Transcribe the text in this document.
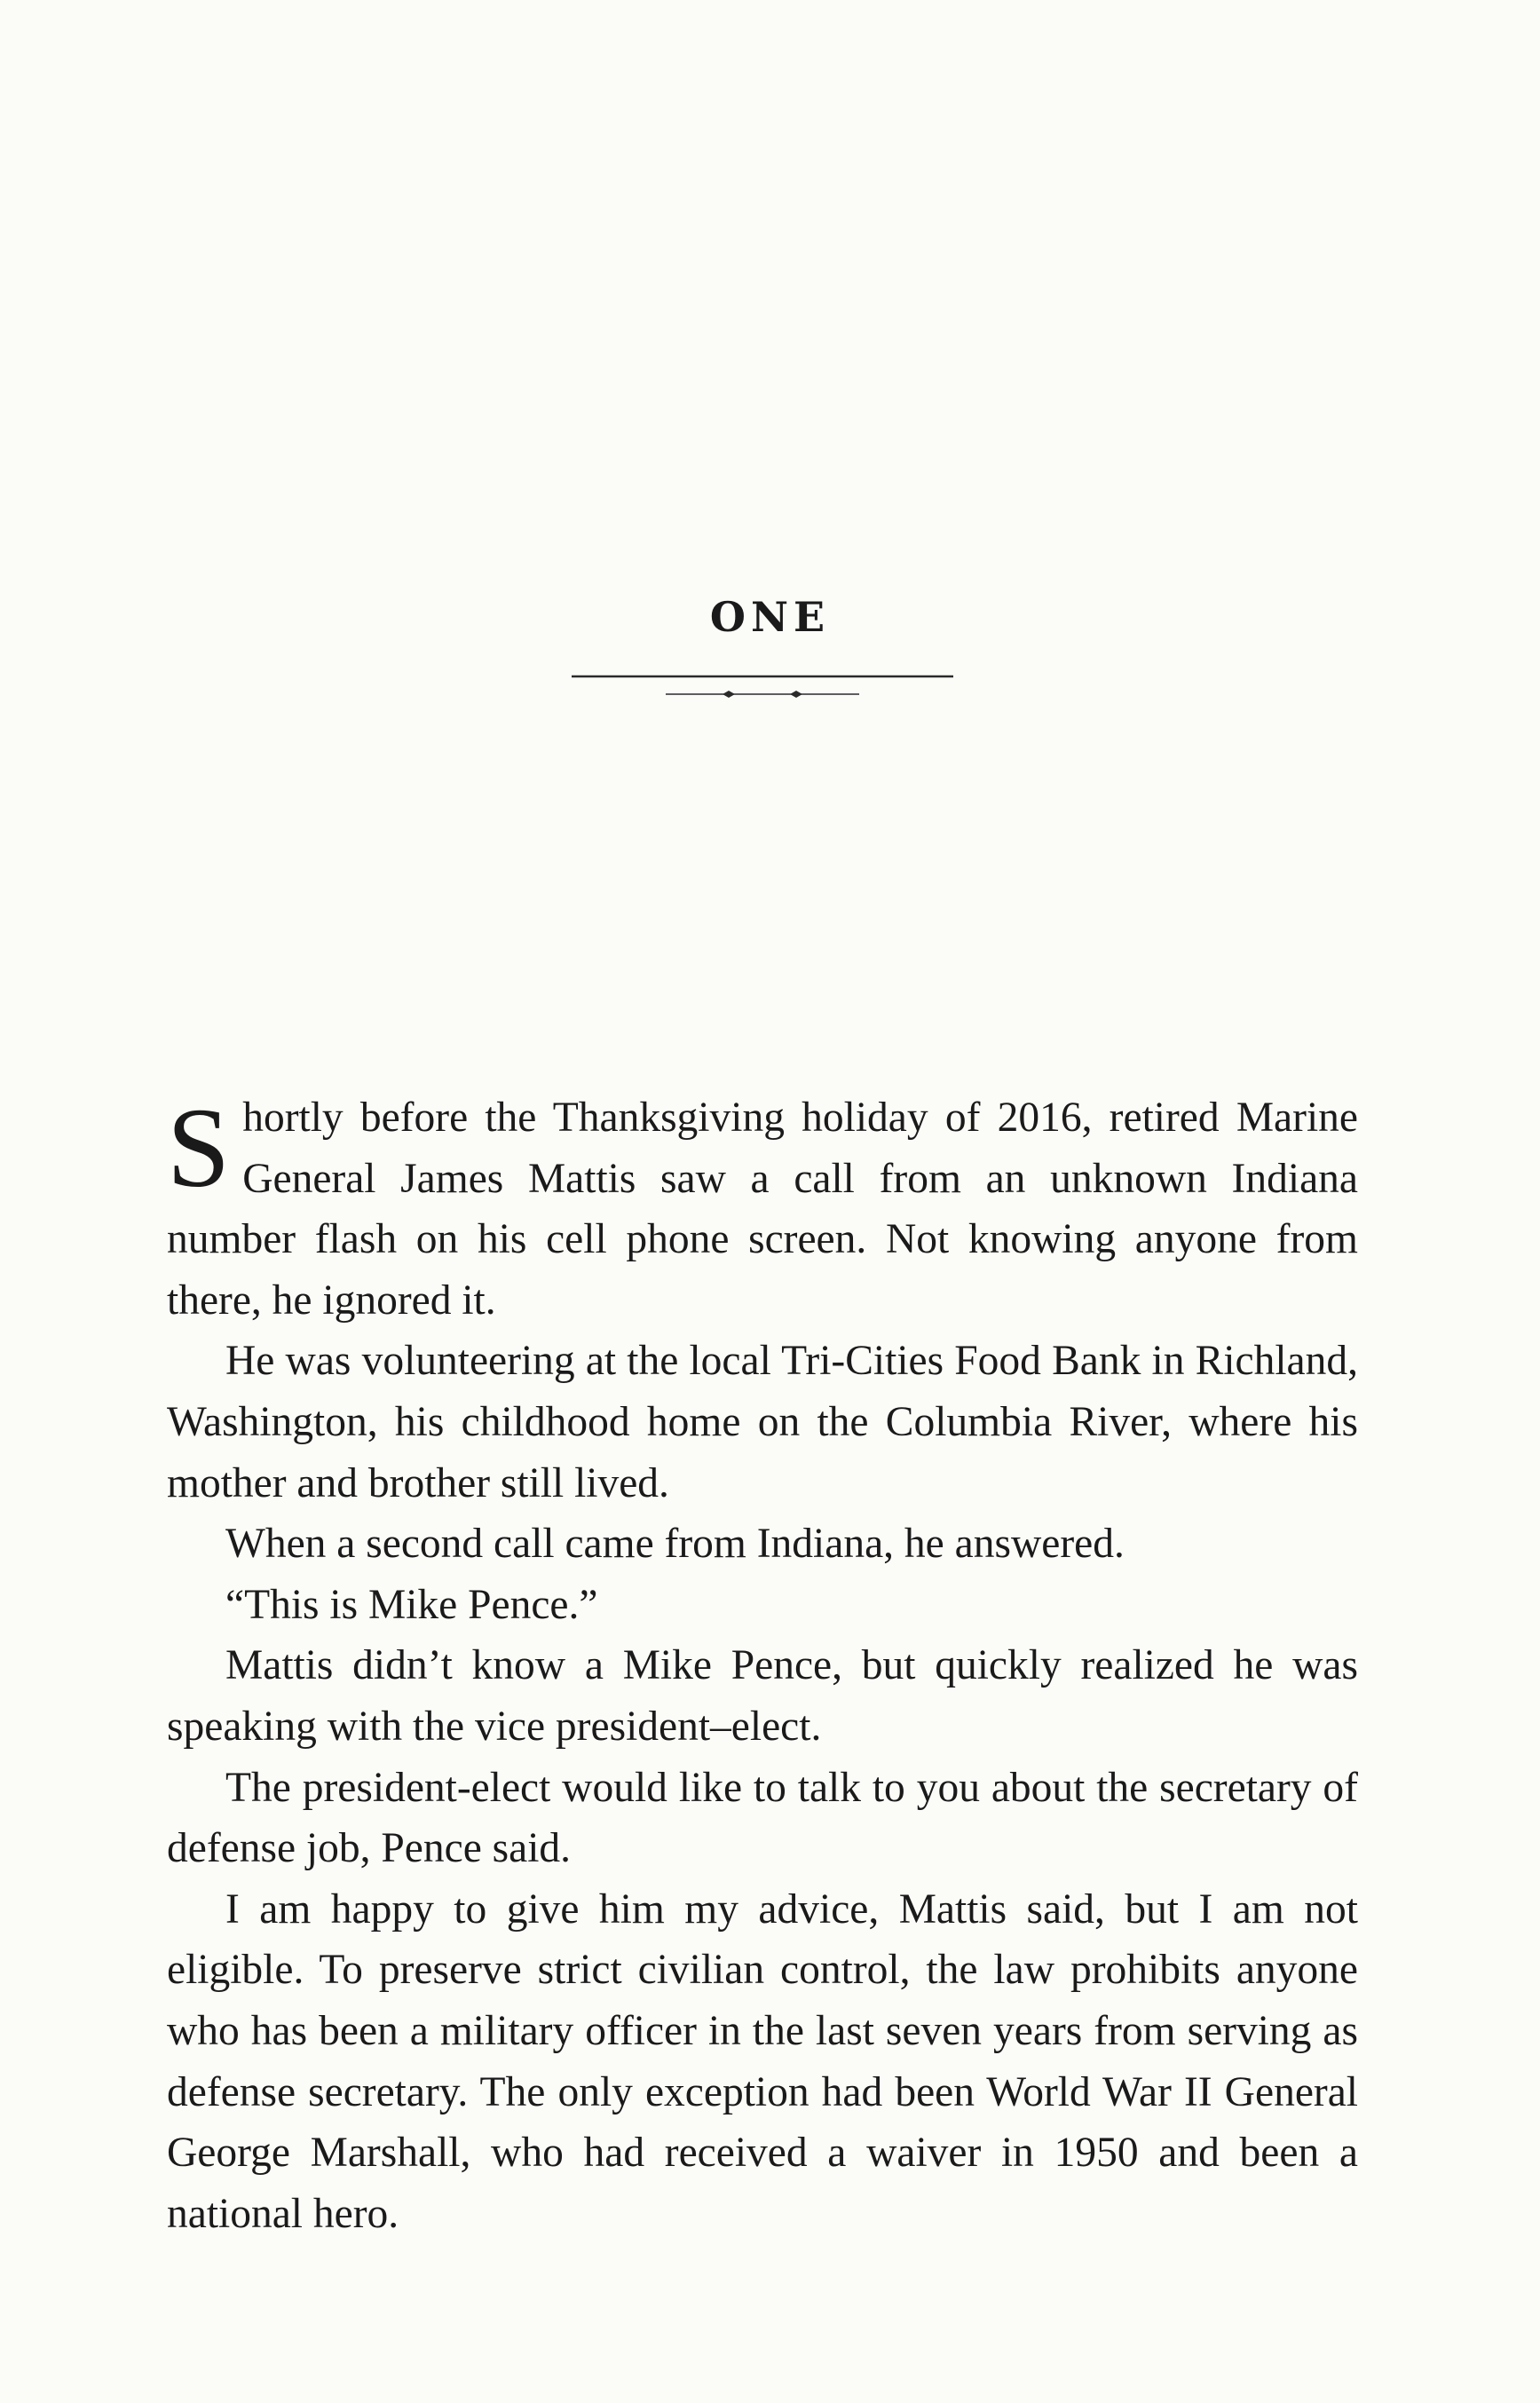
ONE

Shortly before the Thanksgiving holiday of 2016, retired Marine General James Mattis saw a call from an unknown Indiana number flash on his cell phone screen. Not knowing anyone from there, he ignored it.

He was volunteering at the local Tri-Cities Food Bank in Richland, Washington, his childhood home on the Columbia River, where his mother and brother still lived.

When a second call came from Indiana, he answered.

“This is Mike Pence.”

Mattis didn’t know a Mike Pence, but quickly realized he was speaking with the vice president–elect.

The president-elect would like to talk to you about the secretary of defense job, Pence said.

I am happy to give him my advice, Mattis said, but I am not eligible. To preserve strict civilian control, the law prohibits anyone who has been a military officer in the last seven years from serving as defense secretary. The only exception had been World War II General George Marshall, who had received a waiver in 1950 and been a national hero.
